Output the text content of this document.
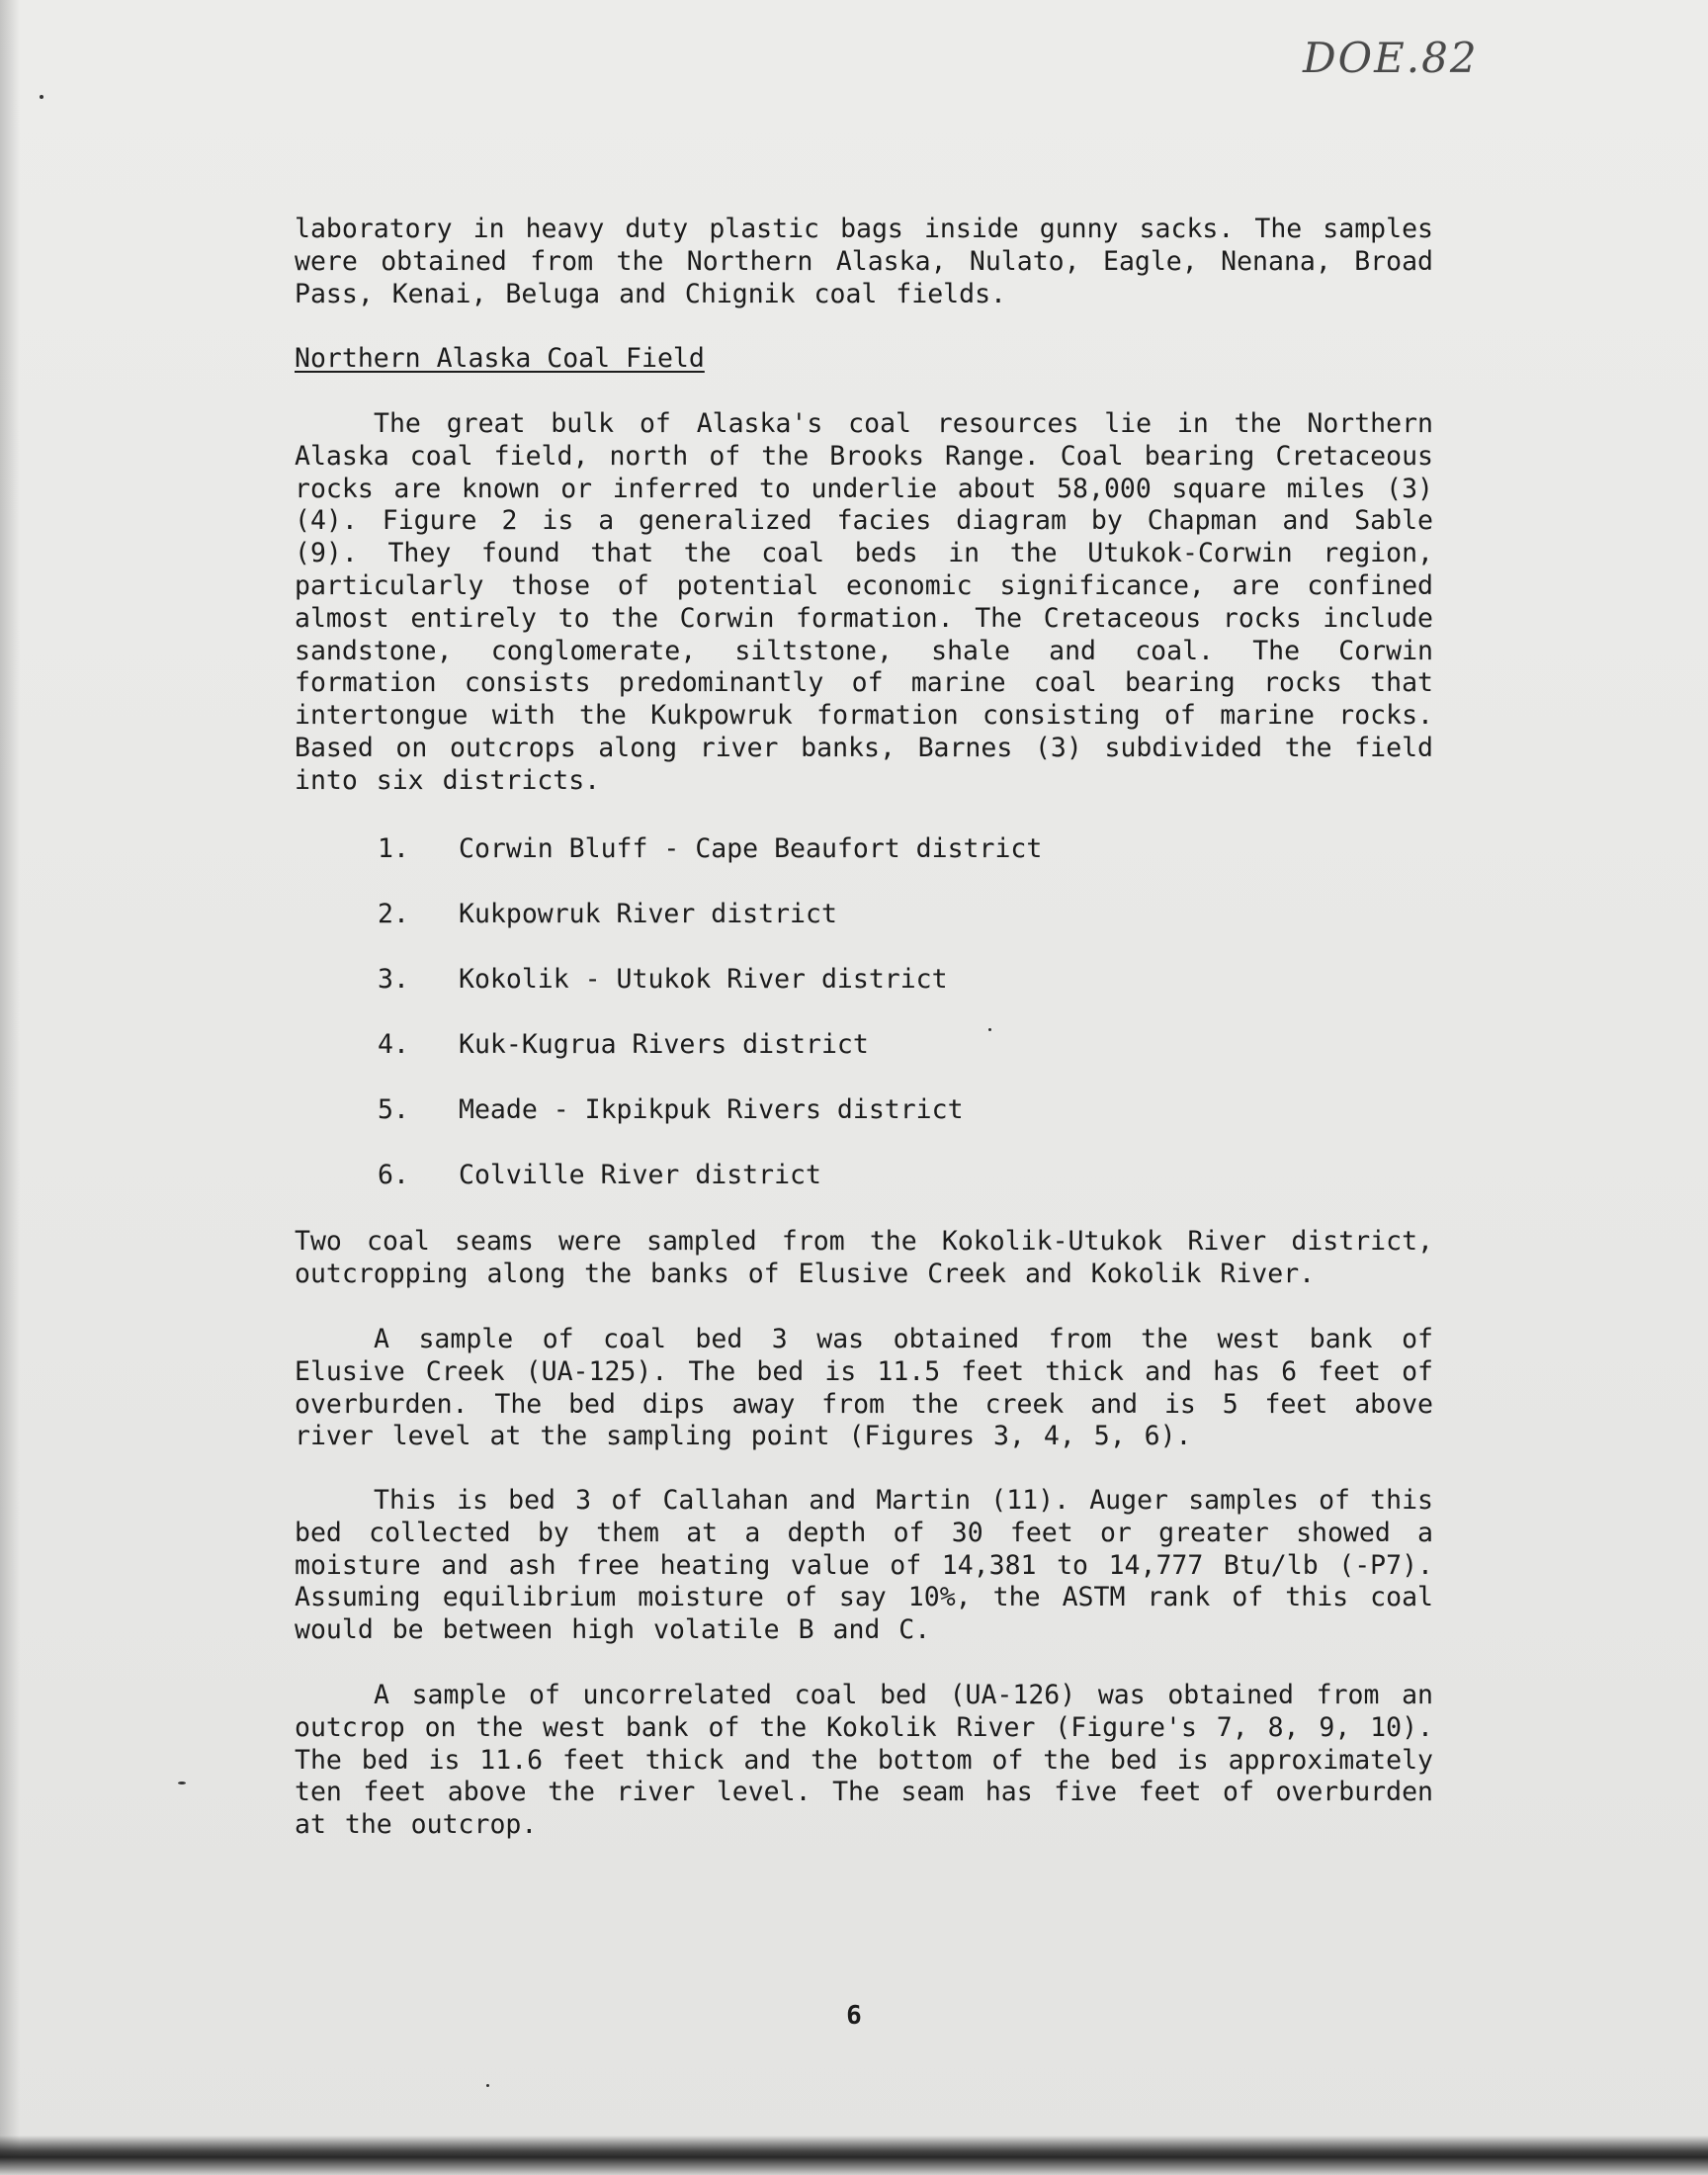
DOE.82

laboratory in heavy duty plastic bags inside gunny sacks. The samples were obtained from the Northern Alaska, Nulato, Eagle, Nenana, Broad Pass, Kenai, Beluga and Chignik coal fields.

Northern Alaska Coal Field

The great bulk of Alaska's coal resources lie in the Northern Alaska coal field, north of the Brooks Range. Coal bearing Cretaceous rocks are known or inferred to underlie about 58,000 square miles (3)(4). Figure 2 is a generalized facies diagram by Chapman and Sable (9). They found that the coal beds in the Utukok-Corwin region, particularly those of potential economic significance, are confined almost entirely to the Corwin formation. The Cretaceous rocks include sandstone, conglomerate, siltstone, shale and coal. The Corwin formation consists predominantly of marine coal bearing rocks that intertongue with the Kukpowruk formation consisting of marine rocks. Based on outcrops along river banks, Barnes (3) subdivided the field into six districts.

1.	Corwin Bluff - Cape Beaufort district
2.	Kukpowruk River district
3.	Kokolik - Utukok River district
4.	Kuk-Kugrua Rivers district
5.	Meade - Ikpikpuk Rivers district
6.	Colville River district

Two coal seams were sampled from the Kokolik-Utukok River district, outcropping along the banks of Elusive Creek and Kokolik River.

A sample of coal bed 3 was obtained from the west bank of Elusive Creek (UA-125). The bed is 11.5 feet thick and has 6 feet of overburden. The bed dips away from the creek and is 5 feet above river level at the sampling point (Figures 3, 4, 5, 6).

This is bed 3 of Callahan and Martin (11). Auger samples of this bed collected by them at a depth of 30 feet or greater showed a moisture and ash free heating value of 14,381 to 14,777 Btu/lb (-P7). Assuming equilibrium moisture of say 10%, the ASTM rank of this coal would be between high volatile B and C.

A sample of uncorrelated coal bed (UA-126) was obtained from an outcrop on the west bank of the Kokolik River (Figure's 7, 8, 9, 10). The bed is 11.6 feet thick and the bottom of the bed is approximately ten feet above the river level. The seam has five feet of overburden at the outcrop.

6
